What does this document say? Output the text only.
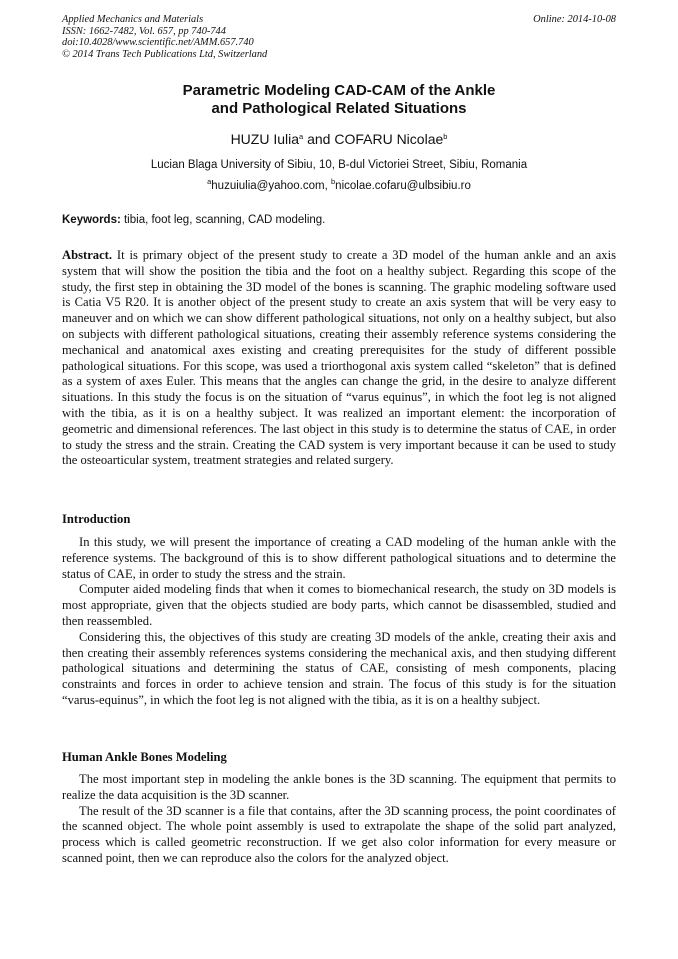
Applied Mechanics and Materials
ISSN: 1662-7482, Vol. 657, pp 740-744
doi:10.4028/www.scientific.net/AMM.657.740
© 2014 Trans Tech Publications Ltd, Switzerland
Online: 2014-10-08
Parametric Modeling CAD-CAM of the Ankle
and Pathological Related Situations
HUZU Iulia$^a$ and COFARU Nicolae$^b$
Lucian Blaga University of Sibiu, 10, B-dul Victoriei Street, Sibiu, Romania
$^a$huzuiulia@yahoo.com, $^b$nicolae.cofaru@ulbsibiu.ro
Keywords: tibia, foot leg, scanning, CAD modeling.
Abstract. It is primary object of the present study to create a 3D model of the human ankle and an axis system that will show the position the tibia and the foot on a healthy subject. Regarding this scope of the study, the first step in obtaining the 3D model of the bones is scanning. The graphic modeling software used is Catia V5 R20. It is another object of the present study to create an axis system that will be very easy to maneuver and on which we can show different pathological situations, not only on a healthy subject, but also on subjects with different pathological situations, creating their assembly reference systems considering the mechanical and anatomical axes existing and creating prerequisites for the study of different possible pathological situations. For this scope, was used a triorthogonal axis system called “skeleton” that is defined as a system of axes Euler. This means that the angles can change the grid, in the desire to analyze different situations. In this study the focus is on the situation of “varus equinus”, in which the foot leg is not aligned with the tibia, as it is on a healthy subject. It was realized an important element: the incorporation of geometric and dimensional references. The last object in this study is to determine the status of CAE, in order to study the stress and the strain. Creating the CAD system is very important because it can be used to study the osteoarticular system, treatment strategies and related surgery.
Introduction

In this study, we will present the importance of creating a CAD modeling of the human ankle with the reference systems. The background of this is to show different pathological situations and to determine the status of CAE, in order to study the stress and the strain.

Computer aided modeling finds that when it comes to biomechanical research, the study on 3D models is most appropriate, given that the objects studied are body parts, which cannot be disassembled, studied and then reassembled.

Considering this, the objectives of this study are creating 3D models of the ankle, creating their axis and then creating their assembly references systems considering the mechanical axis, and then studying different pathological situations and determining the status of CAE, consisting of mesh components, placing constraints and forces in order to achieve tension and strain. The focus of this study is for the situation “varus-equinus”, in which the foot leg is not aligned with the tibia, as it is on a healthy subject.

Human Ankle Bones Modeling

The most important step in modeling the ankle bones is the 3D scanning. The equipment that permits to realize the data acquisition is the 3D scanner.

The result of the 3D scanner is a file that contains, after the 3D scanning process, the point coordinates of the scanned object. The whole point assembly is used to extrapolate the shape of the solid part analyzed, process which is called geometric reconstruction. If we get also color information for every measure or scanned point, then we can reproduce also the colors for the analyzed object.
